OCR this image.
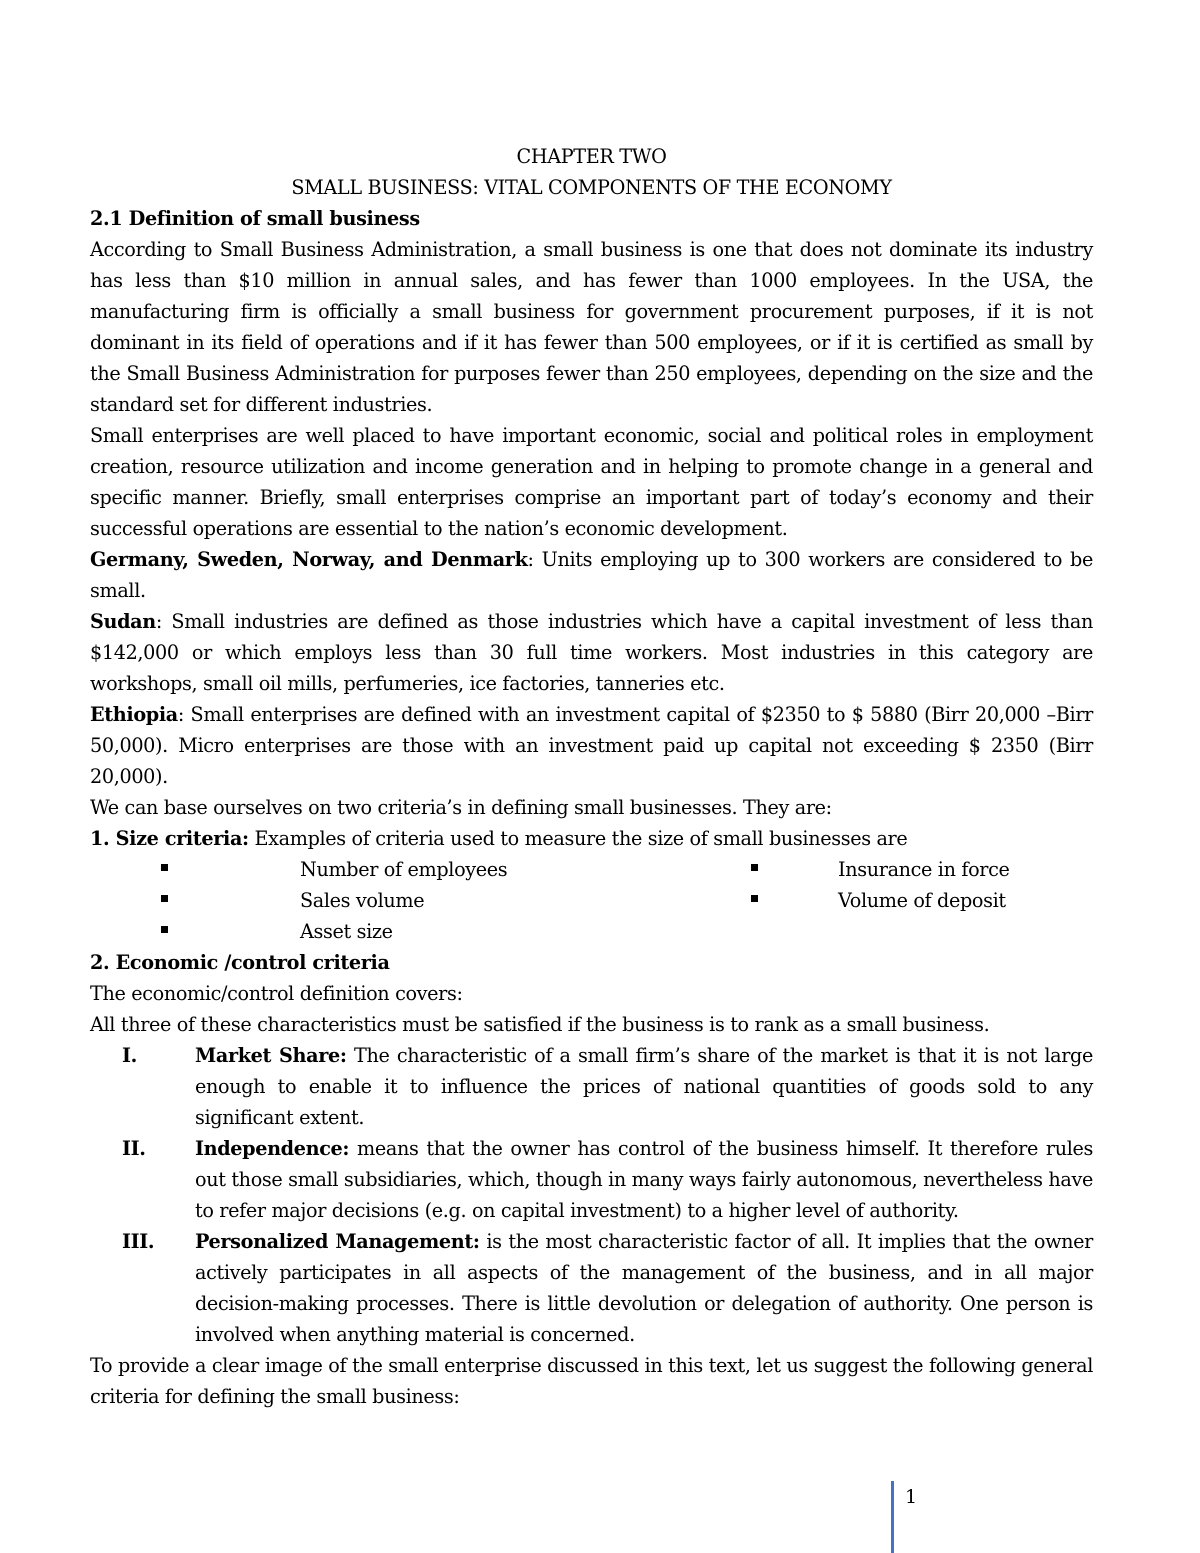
CHAPTER TWO
SMALL BUSINESS: VITAL COMPONENTS OF THE ECONOMY
2.1 Definition of small business

According to Small Business Administration, a small business is one that does not dominate its industry has less than $10 million in annual sales, and has fewer than 1000 employees. In the USA, the manufacturing firm is officially a small business for government procurement purposes, if it is not dominant in its field of operations and if it has fewer than 500 employees, or if it is certified as small by the Small Business Administration for purposes fewer than 250 employees, depending on the size and the standard set for different industries.

Small enterprises are well placed to have important economic, social and political roles in employment creation, resource utilization and income generation and in helping to promote change in a general and specific manner. Briefly, small enterprises comprise an important part of today’s economy and their successful operations are essential to the nation’s economic development.

Germany, Sweden, Norway, and Denmark: Units employing up to 300 workers are considered to be small.

Sudan: Small industries are defined as those industries which have a capital investment of less than $142,000 or which employs less than 30 full time workers. Most industries in this category are workshops, small oil mills, perfumeries, ice factories, tanneries etc.

Ethiopia: Small enterprises are defined with an investment capital of $2350 to $ 5880 (Birr 20,000 –Birr 50,000). Micro enterprises are those with an investment paid up capital not exceeding $ 2350 (Birr 20,000).

We can base ourselves on two criteria’s in defining small businesses. They are:

1. Size criteria: Examples of criteria used to measure the size of small businesses are

Number of employees
Sales volume
Asset size
Insurance in force
Volume of deposit
2. Economic /control criteria

The economic/control definition covers:

All three of these characteristics must be satisfied if the business is to rank as a small business.

I.	Market Share: The characteristic of a small firm’s share of the market is that it is not large enough to enable it to influence the prices of national quantities of goods sold to any significant extent.
II.	Independence: means that the owner has control of the business himself. It therefore rules out those small subsidiaries, which, though in many ways fairly autonomous, nevertheless have to refer major decisions (e.g. on capital investment) to a higher level of authority.
III. Personalized Management: is the most characteristic factor of all. It implies that the owner actively participates in all aspects of the management of the business, and in all major decision-making processes. There is little devolution or delegation of authority. One person is involved when anything material is concerned.

To provide a clear image of the small enterprise discussed in this text, let us suggest the following general criteria for defining the small business:

1
